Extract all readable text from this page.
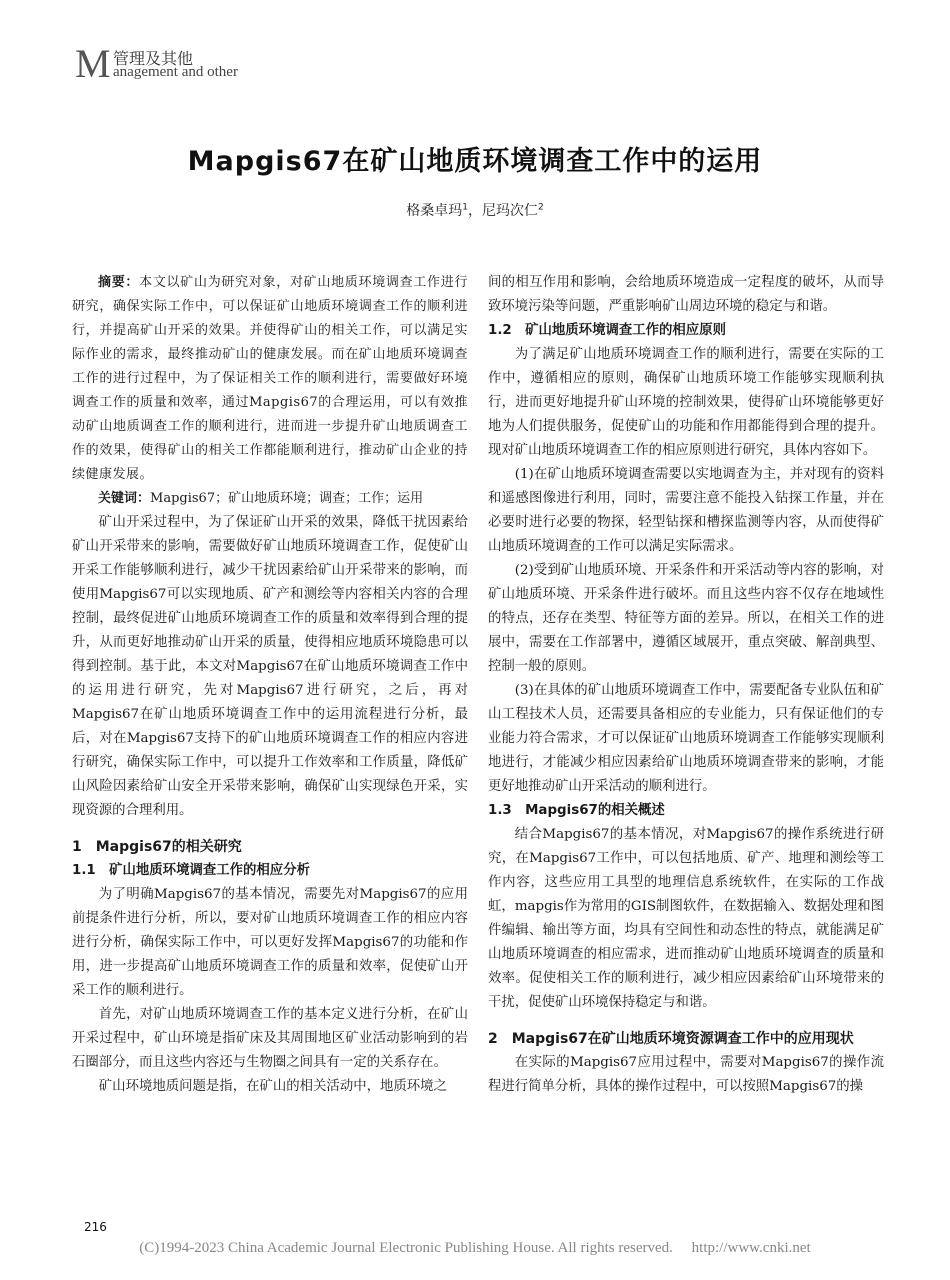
M 管理及其他
anagement and other
Mapgis67在矿山地质环境调查工作中的运用
格桑卓玛$^1$，尼玛次仁$^2$

摘要：本文以矿山为研究对象，对矿山地质环境调查工作进行研究，确保实际工作中，可以保证矿山地质环境调查工作的顺利进行，并提高矿山开采的效果。并使得矿山的相关工作，可以满足实际作业的需求，最终推动矿山的健康发展。而在矿山地质环境调查工作的进行过程中，为了保证相关工作的顺利进行，需要做好环境调查工作的质量和效率，通过Mapgis67的合理运用，可以有效推动矿山地质调查工作的顺利进行，进而进一步提升矿山地质调查工作的效果，使得矿山的相关工作都能顺利进行，推动矿山企业的持续健康发展。

关键词：Mapgis67；矿山地质环境；调查；工作；运用

矿山开采过程中，为了保证矿山开采的效果，降低干扰因素给矿山开采带来的影响，需要做好矿山地质环境调查工作，促使矿山开采工作能够顺利进行，减少干扰因素给矿山开采带来的影响，而使用Mapgis67可以实现地质、矿产和测绘等内容相关内容的合理控制，最终促进矿山地质环境调查工作的质量和效率得到合理的提升，从而更好地推动矿山开采的质量，使得相应地质环境隐患可以得到控制。基于此，本文对Mapgis67在矿山地质环境调查工作中的运用进行研究，先对Mapgis67进行研究，之后，再对Mapgis67在矿山地质环境调查工作中的运用流程进行分析，最后，对在Mapgis67支持下的矿山地质环境调查工作的相应内容进行研究，确保实际工作中，可以提升工作效率和工作质量，降低矿山风险因素给矿山安全开采带来影响，确保矿山实现绿色开采，实现资源的合理利用。

1　Mapgis67的相关研究
1.1　矿山地质环境调查工作的相应分析

为了明确Mapgis67的基本情况，需要先对Mapgis67的应用前提条件进行分析，所以，要对矿山地质环境调查工作的相应内容进行分析，确保实际工作中，可以更好发挥Mapgis67的功能和作用，进一步提高矿山地质环境调查工作的质量和效率，促使矿山开采工作的顺利进行。

首先，对矿山地质环境调查工作的基本定义进行分析，在矿山开采过程中，矿山环境是指矿床及其周围地区矿业活动影响到的岩石圈部分，而且这些内容还与生物圈之间具有一定的关系存在。

矿山环境地质问题是指，在矿山的相关活动中，地质环境之

间的相互作用和影响，会给地质环境造成一定程度的破坏，从而导致环境污染等问题，严重影响矿山周边环境的稳定与和谐。

1.2　矿山地质环境调查工作的相应原则

为了满足矿山地质环境调查工作的顺利进行，需要在实际的工作中，遵循相应的原则，确保矿山地质环境工作能够实现顺利执行，进而更好地提升矿山环境的控制效果，使得矿山环境能够更好地为人们提供服务，促使矿山的功能和作用都能得到合理的提升。现对矿山地质环境调查工作的相应原则进行研究，具体内容如下。

(1)在矿山地质环境调查需要以实地调查为主，并对现有的资料和遥感图像进行利用，同时，需要注意不能投入钻探工作量，并在必要时进行必要的物探，轻型钻探和槽探监测等内容，从而使得矿山地质环境调查的工作可以满足实际需求。

(2)受到矿山地质环境、开采条件和开采活动等内容的影响，对矿山地质环境、开采条件进行破坏。而且这些内容不仅存在地域性的特点，还存在类型、特征等方面的差异。所以，在相关工作的进展中，需要在工作部署中，遵循区域展开，重点突破、解剖典型、控制一般的原则。

(3)在具体的矿山地质环境调查工作中，需要配备专业队伍和矿山工程技术人员，还需要具备相应的专业能力，只有保证他们的专业能力符合需求，才可以保证矿山地质环境调查工作能够实现顺利地进行，才能减少相应因素给矿山地质环境调查带来的影响，才能更好地推动矿山开采活动的顺利进行。

1.3　Mapgis67的相关概述

结合Mapgis67的基本情况，对Mapgis67的操作系统进行研究，在Mapgis67工作中，可以包括地质、矿产、地理和测绘等工作内容，这些应用工具型的地理信息系统软件，在实际的工作战虹，mapgis作为常用的GIS制图软件，在数据输入、数据处理和图件编辑、输出等方面，均具有空间性和动态性的特点，就能满足矿山地质环境调查的相应需求，进而推动矿山地质环境调查的质量和效率。促使相关工作的顺利进行，减少相应因素给矿山环境带来的干扰，促使矿山环境保持稳定与和谐。

2　Mapgis67在矿山地质环境资源调查工作中的应用现状

在实际的Mapgis67应用过程中，需要对Mapgis67的操作流程进行简单分析，具体的操作过程中，可以按照Mapgis67的操

216
(C)1994-2023 China Academic Journal Electronic Publishing House. All rights reserved.　 http://www.cnki.net
